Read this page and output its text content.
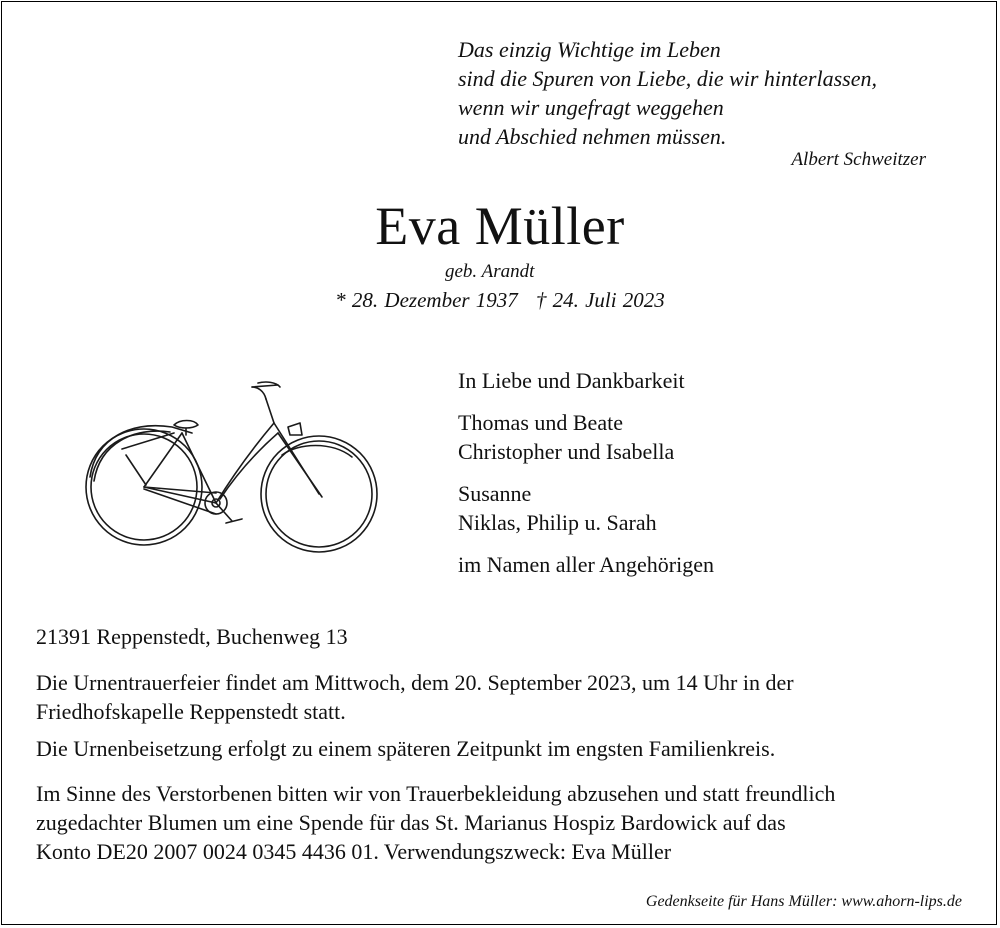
Das einzig Wichtige im Leben
sind die Spuren von Liebe, die wir hinterlassen,
wenn wir ungefragt weggehen
und Abschied nehmen müssen.
Albert Schweitzer
Eva Müller
geb. Arandt
* 28. Dezember 1937 † 24. Juli 2023

In Liebe und Dankbarkeit

Thomas und Beate

Christopher und Isabella

Susanne

Niklas, Philip u. Sarah

im Namen aller Angehörigen

21391 Reppenstedt, Buchenweg 13

Die Urnentrauerfeier findet am Mittwoch, dem 20. September 2023, um 14 Uhr in der

Friedhofskapelle Reppenstedt statt.

Die Urnenbeisetzung erfolgt zu einem späteren Zeitpunkt im engsten Familienkreis.

Im Sinne des Verstorbenen bitten wir von Trauerbekleidung abzusehen und statt freundlich

zugedachter Blumen um eine Spende für das St. Marianus Hospiz Bardowick auf das

Konto DE20 2007 0024 0345 4436 01. Verwendungszweck: Eva Müller

Gedenkseite für Hans Müller: www.ahorn-lips.de
